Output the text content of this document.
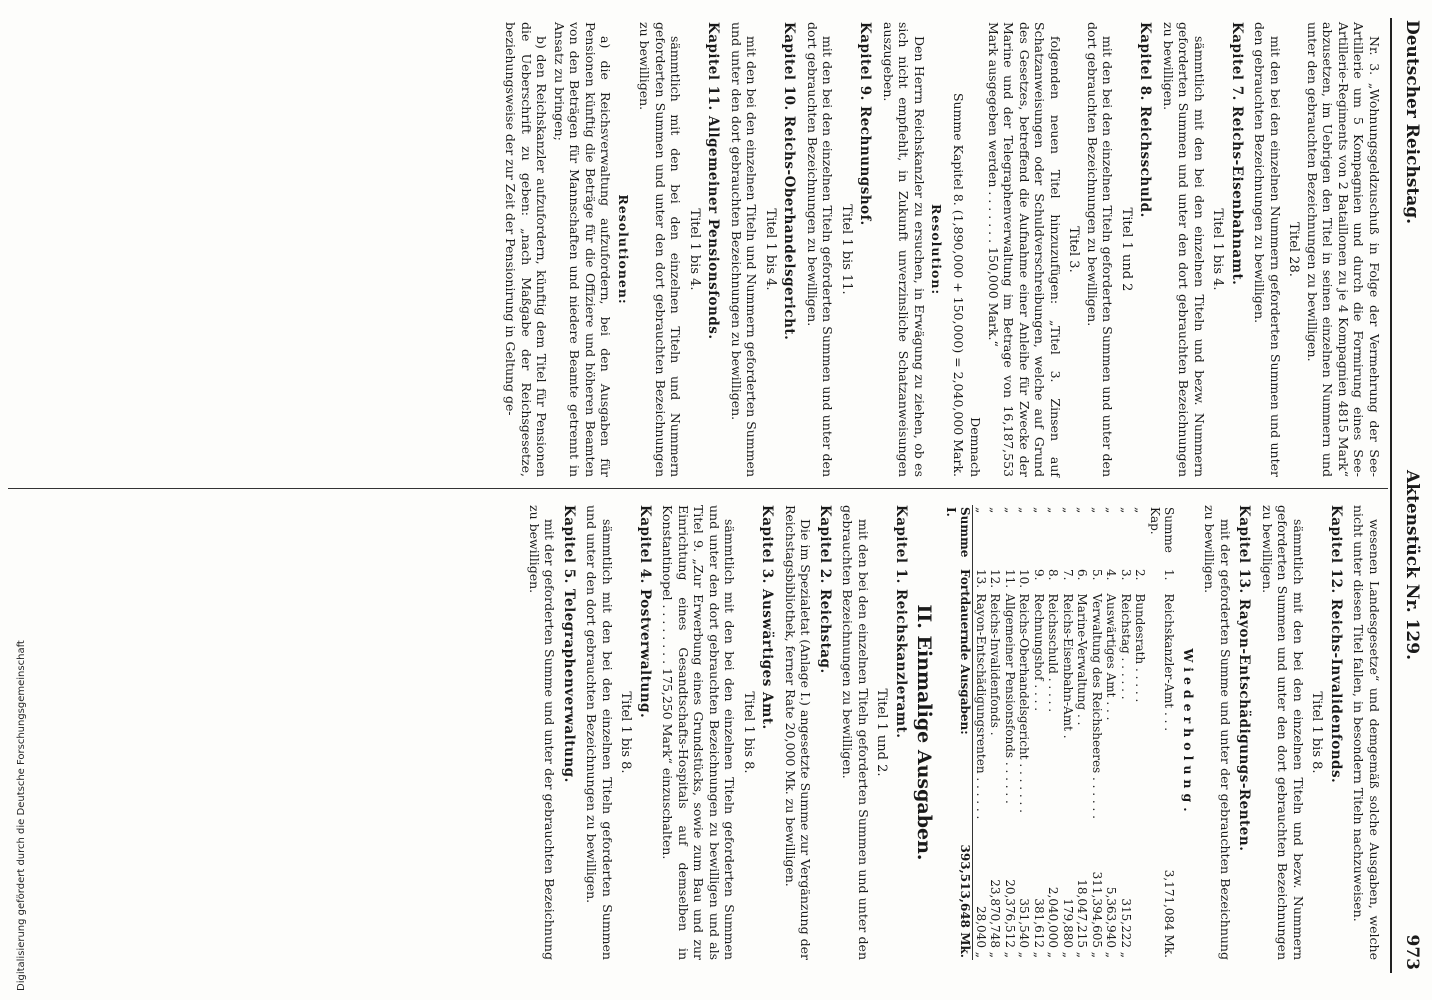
Deutscher Reichstag.
Aktenstück Nr. 129.
973
Nr. 3. „Wohnungsgeldzuschuß in Folge der Vermehrung der See-Artillerie um 5 Kompagnien und durch die Formirung eines See-Artillerie-Regiments von 2 Bataillonen zu je 4 Kompagnien 4815 Mark“ abzusetzen, im Uebrigen den Titel in seinen einzelnen Nummern und unter den gebrauchten Bezeichnungen zu bewilligen.
Titel 28.
mit den bei den einzelnen Nummern geforderten Summen und unter den gebrauchten Bezeichnungen zu bewilligen.
Kapitel 7. Reichs-Eisenbahnamt.
Titel 1 bis 4.
sämmtlich mit den bei den einzelnen Titeln und bezw. Nummern geforderten Summen und unter den dort gebrauchten Bezeichnungen zu bewilligen.
Kapitel 8. Reichsschuld.
Titel 1 und 2
mit den bei den einzelnen Titeln geforderten Summen und unter den dort gebrauchten Bezeichnungen zu bewilligen.
Titel 3.
folgenden neuen Titel hinzuzufügen: „Titel 3. Zinsen auf Schatzanweisungen oder Schuldverschreibungen, welche auf Grund des Gesetzes, betreffend die Aufnahme einer Anleihe für Zwecke der Marine und der Telegraphenverwaltung im Betrage von 16,187,553 Mark ausgegeben werden . . . . . . . 150,000 Mark.“
Demnach
Summe Kapitel 8. (1,890,000 + 150,000) = 2,040,000 Mark.
Resolution:
Den Herrn Reichskanzler zu ersuchen, in Erwägung zu ziehen, ob es sich nicht empfiehlt, in Zukunft unverzinsliche Schatzanweisungen auszugeben.
Kapitel 9. Rechnungshof.
Titel 1 bis 11.
mit den bei den einzelnen Titeln geforderten Summen und unter den dort gebrauchten Bezeichnungen zu bewilligen.
Kapitel 10. Reichs-Oberhandelsgericht.
Titel 1 bis 4.
mit den bei den einzelnen Titeln und Nummern geforderten Summen und unter den dort gebrauchten Bezeichnungen zu bewilligen.
Kapitel 11. Allgemeiner Pensionsfonds.
Titel 1 bis 4.
sämmtlich mit den bei den einzelnen Titeln und Nummern geforderten Summen und unter den dort gebrauchten Bezeichnungen zu bewilligen.
Resolutionen:
a) die Reichsverwaltung aufzufordern, bei den Ausgaben für Pensionen künftig die Beträge für die Offiziere und höheren Beamten von den Beträgen für Mannschaften und niedere Beamte getrennt in Ansatz zu bringen;
b) den Reichskanzler aufzufordern, künftig dem Titel für Pensionen die Ueberschrift zu geben: „nach Maßgabe der Reichsgesetze, beziehungsweise der zur Zeit der Pensionirung in Geltung ge-
wesenen Landesgesetze“ und demgemäß solche Ausgaben, welche nicht unter diesen Titel fallen, in besondern Titeln nachzuweisen.
Kapitel 12. Reichs-Invalidenfonds.
Titel 1 bis 8.
sämmtlich mit den bei den einzelnen Titeln und bezw. Nummern geforderten Summen und unter den dort gebrauchten Bezeichnungen zu bewilligen.
Kapitel 13. Rayon-Entschädigungs-Renten.
mit der geforderten Summe und unter der gebrauchten Bezeichnung zu bewilligen.
Wiederholung.
Summe Kap.	1.	Reichskanzler-Amt . . .	3,171,084 Mk.
„	2.	Bundesrath . . . . .	
„	3.	Reichstag . . . . . .	315,222 „
„	4.	Auswärtiges Amt . . .	5,363,940 „
„	5.	Verwaltung des Reichsheeres . . . . . .	311,394,605 „
„	6.	Marine-Verwaltung . .	18,047,215 „
„	7.	Reichs-Eisenbahn-Amt .	179,880 „
„	8.	Reichsschuld . . . . .	2,040,000 „
„	9.	Rechnungshof . . . .	381,612 „
„	10.	Reichs-Oberhandelsgericht . . . . . . .	351,540 „
„	11.	Allgemeiner Pensionsfonds . . . . . .	20,376,512 „
„	12.	Reichs-Invalidenfonds .	23,870,748 „
„	13.	Rayon-Entschädigungsrenten . . . . . .	28,040 „
Summe I.	Fortdauernde Ausgaben:		393,513,648 Mk.
II. Einmalige Ausgaben.
Kapitel 1. Reichskanzleramt.
Titel 1 und 2.
mit den bei den einzelnen Titeln geforderten Summen und unter den gebrauchten Bezeichnungen zu bewilligen.
Kapitel 2. Reichstag.
Die im Spezialetat (Anlage I.) angesetzte Summe zur Vergänzung der Reichstagsbibliothek, ferner Rate 20,000 Mk. zu bewilligen.
Kapitel 3. Auswärtiges Amt.
Titel 1 bis 8.
sämmtlich mit den bei den einzelnen Titeln geforderten Summen und unter den dort gebrauchten Bezeichnungen zu bewilligen und als Titel 9. „Zur Erwerbung eines Grundstücks, sowie zum Bau und zur Einrichtung eines Gesandtschafts-Hospitals auf demselben in Konstantinopel . . . . . . . . 175,250 Mark“ einzuschalten.
Kapitel 4. Postverwaltung.
Titel 1 bis 8.
sämmtlich mit den bei den einzelnen Titeln geforderten Summen und unter den dort gebrauchten Bezeichnungen zu bewilligen.
Kapitel 5. Telegraphenverwaltung.
mit der geforderten Summe und unter der gebrauchten Bezeichnung zu bewilligen.
Digitalisierung gefördert durch die Deutsche Forschungsgemeinschaft
